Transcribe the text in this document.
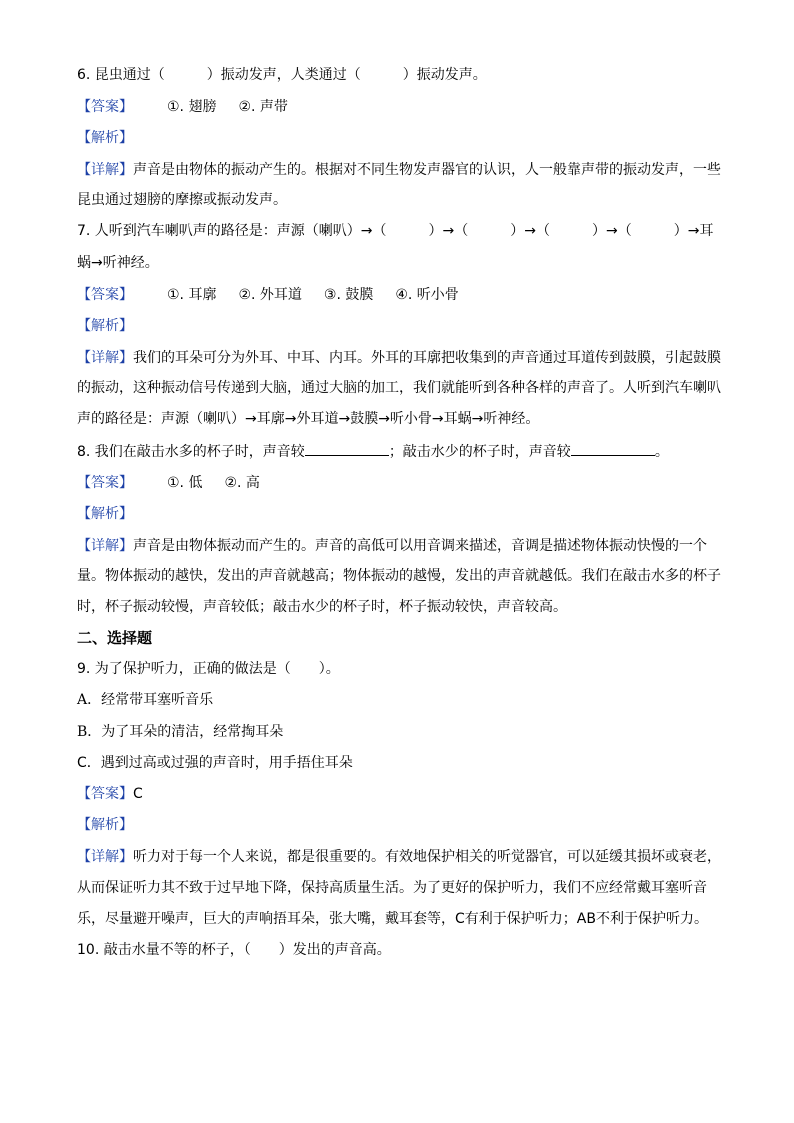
6. 昆虫通过（　　　）振动发声，人类通过（　　　）振动发声。
【答案】 ①. 翅膀 ②. 声带
【解析】
【详解】声音是由物体的振动产生的。根据对不同生物发声器官的认识，人一般靠声带的振动发声，一些
昆虫通过翅膀的摩擦或振动发声。
7. 人听到汽车喇叭声的路径是：声源（喇叭）→（　　　）→（　　　）→（　　　）→（　　　）→耳
蜗→听神经。
【答案】 ①. 耳廓 ②. 外耳道 ③. 鼓膜 ④. 听小骨
【解析】
【详解】我们的耳朵可分为外耳、中耳、内耳。外耳的耳廓把收集到的声音通过耳道传到鼓膜，引起鼓膜
的振动，这种振动信号传递到大脑，通过大脑的加工，我们就能听到各种各样的声音了。人听到汽车喇叭
声的路径是：声源（喇叭）→耳廓→外耳道→鼓膜→听小骨→耳蜗→听神经。
8. 我们在敲击水多的杯子时，声音较	；敲击水少的杯子时，声音较	。
【答案】 ①. 低 ②. 高
【解析】
【详解】声音是由物体振动而产生的。声音的高低可以用音调来描述，音调是描述物体振动快慢的一个
量。物体振动的越快，发出的声音就越高；物体振动的越慢，发出的声音就越低。我们在敲击水多的杯子
时，杯子振动较慢，声音较低；敲击水少的杯子时，杯子振动较快，声音较高。
二、选择题
9. 为了保护听力，正确的做法是（　　）。
A．经常带耳塞听音乐
B．为了耳朵的清洁，经常掏耳朵
C．遇到过高或过强的声音时，用手捂住耳朵
【答案】C
【解析】
【详解】听力对于每一个人来说，都是很重要的。有效地保护相关的听觉器官，可以延缓其损坏或衰老，
从而保证听力其不致于过早地下降，保持高质量生活。为了更好的保护听力，我们不应经常戴耳塞听音
乐，尽量避开噪声，巨大的声响捂耳朵，张大嘴，戴耳套等，C有利于保护听力；AB不利于保护听力。
10. 敲击水量不等的杯子，（　　）发出的声音高。
